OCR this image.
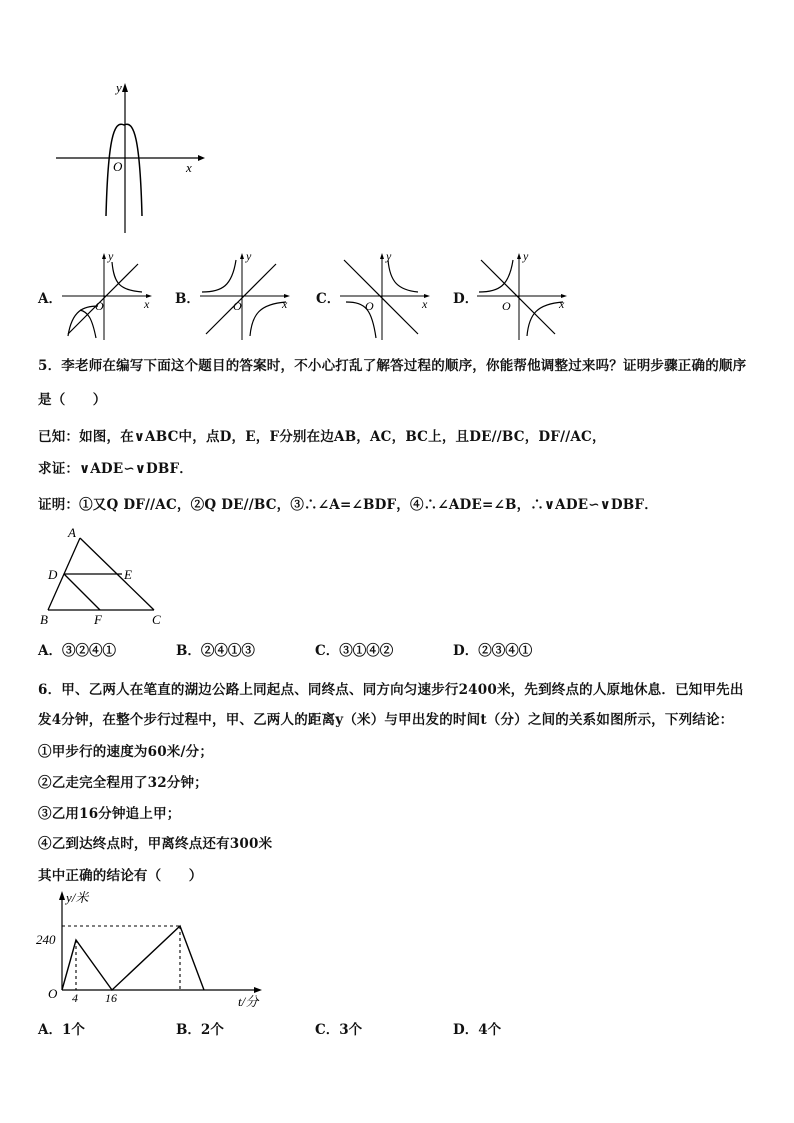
y
x
O
A．
y
x
O	B．
y
x
O	C．
y
x
O	D．
y
x
O
5．李老师在编写下面这个题目的答案时，不小心打乱了解答过程的顺序，你能帮他调整过来吗？证明步骤正确的顺序
是（　　）
已知：如图，在∨ABC中，点D，E，F分别在边AB，AC，BC上，且DE//BC，DF//AC，
求证：∨ADE∽∨DBF．
证明：①又Q DF//AC，②Q DE//BC，③∴∠A=∠BDF，④∴∠ADE=∠B，∴∨ADE∽∨DBF．
A
D	E
B	F	C
A．③②④①	B．②④①③	C．③①④②	D．②③④①
6．甲、乙两人在笔直的湖边公路上同起点、同终点、同方向匀速步行2400米，先到终点的人原地休息．已知甲先出
发4分钟，在整个步行过程中，甲、乙两人的距离y（米）与甲出发的时间t（分）之间的关系如图所示，下列结论：
①甲步行的速度为60米/分；
②乙走完全程用了32分钟；
③乙用16分钟追上甲；
④乙到达终点时，甲离终点还有300米
其中正确的结论有（　　）
y/米
240
O 4 16	t/分
A．1个	B．2个	C．3个	D．4个
